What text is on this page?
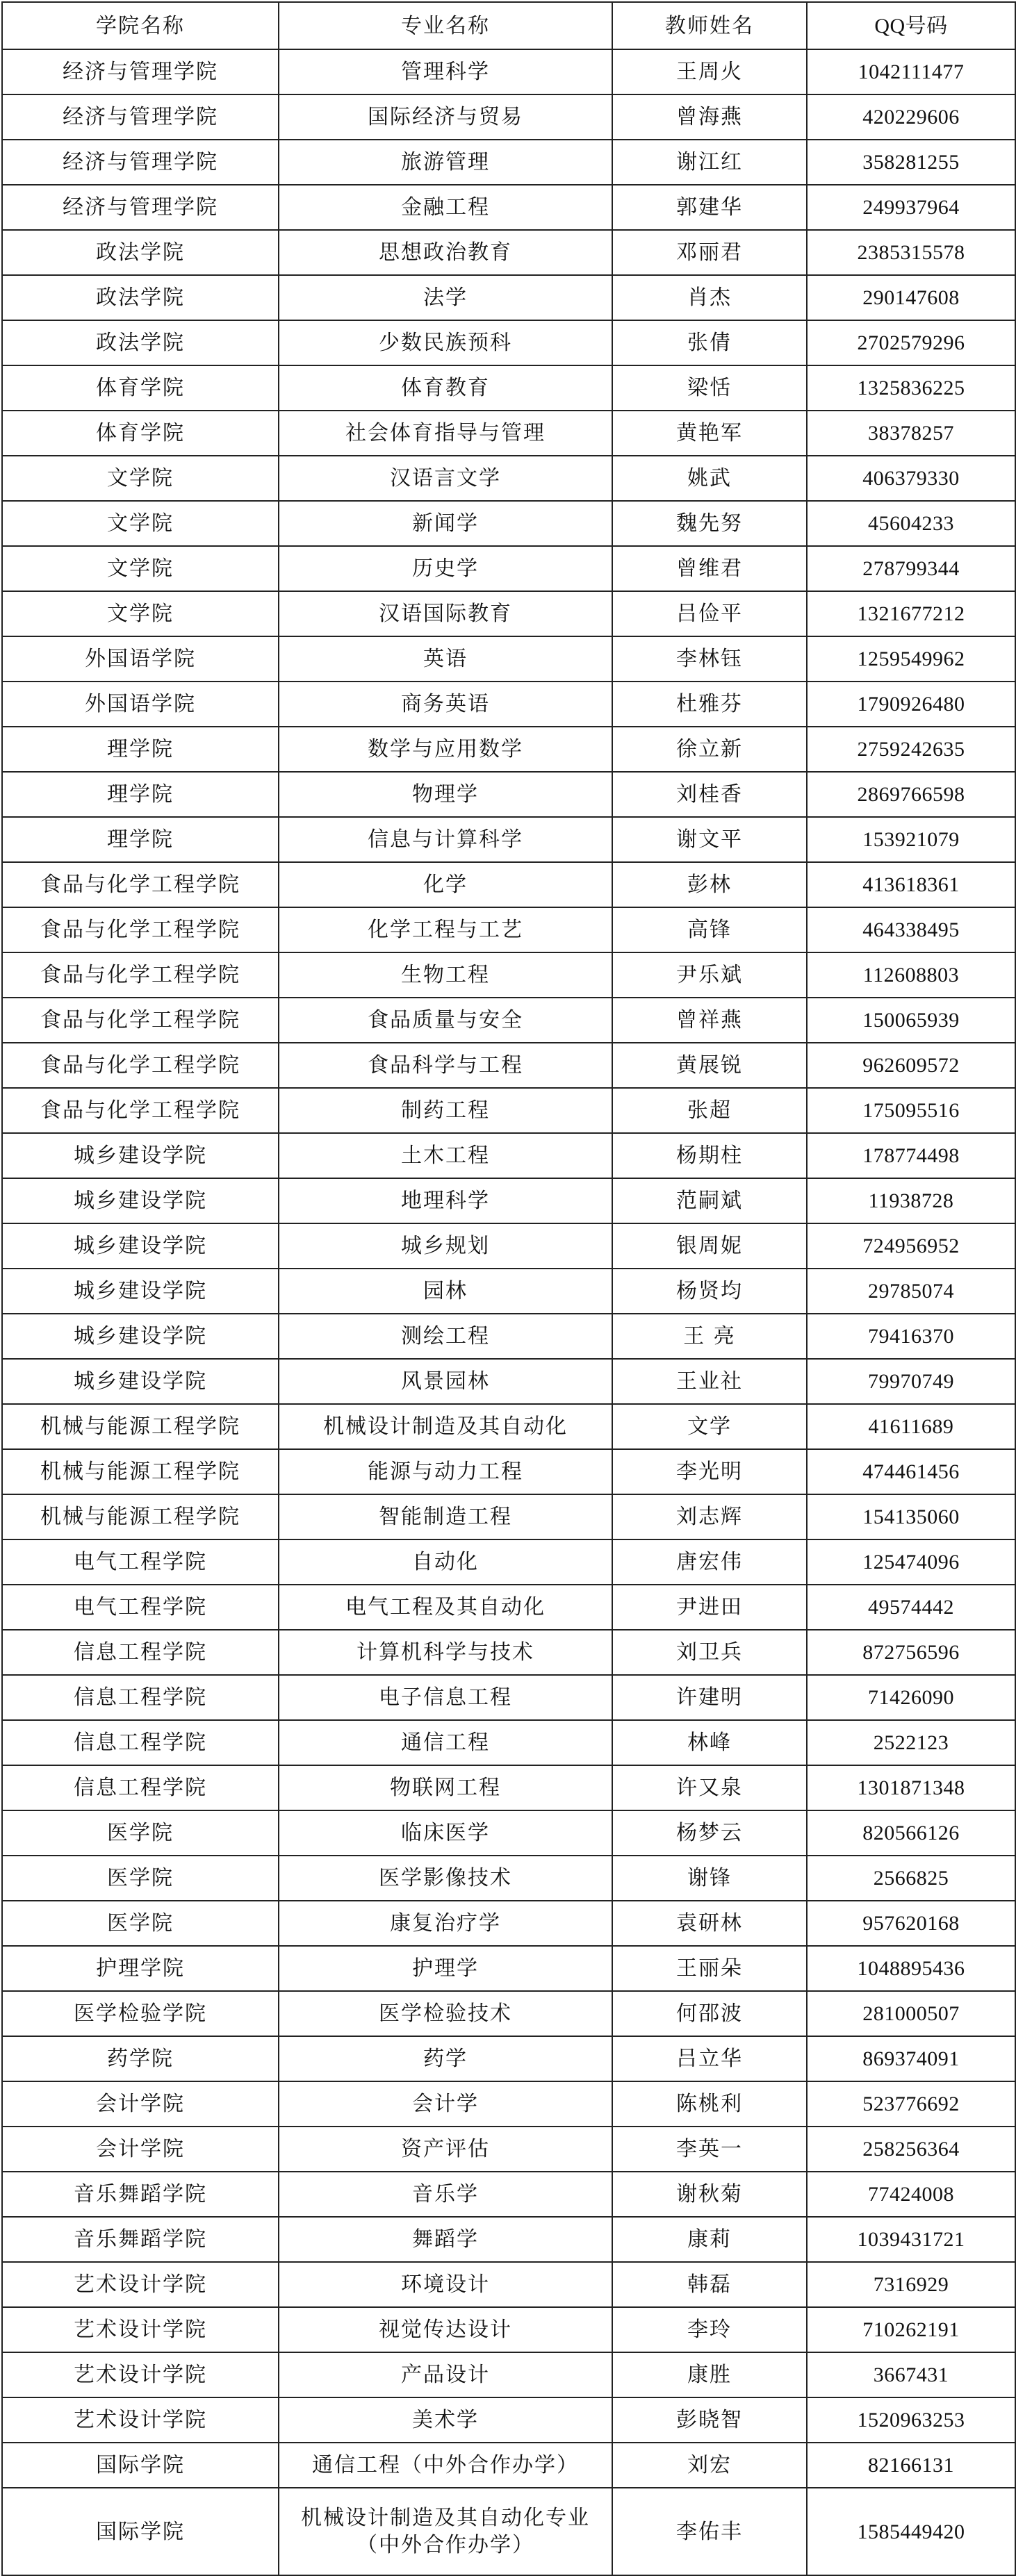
学院名称	专业名称	教师姓名	QQ号码
经济与管理学院	管理科学	王周火	1042111477
经济与管理学院	国际经济与贸易	曾海燕	420229606
经济与管理学院	旅游管理	谢江红	358281255
经济与管理学院	金融工程	郭建华	249937964
政法学院	思想政治教育	邓丽君	2385315578
政法学院	法学	肖杰	290147608
政法学院	少数民族预科	张倩	2702579296
体育学院	体育教育	梁恬	1325836225
体育学院	社会体育指导与管理	黄艳军	38378257
文学院	汉语言文学	姚武	406379330
文学院	新闻学	魏先努	45604233
文学院	历史学	曾维君	278799344
文学院	汉语国际教育	吕俭平	1321677212
外国语学院	英语	李林钰	1259549962
外国语学院	商务英语	杜雅芬	1790926480
理学院	数学与应用数学	徐立新	2759242635
理学院	物理学	刘桂香	2869766598
理学院	信息与计算科学	谢文平	153921079
食品与化学工程学院	化学	彭林	413618361
食品与化学工程学院	化学工程与工艺	高锋	464338495
食品与化学工程学院	生物工程	尹乐斌	112608803
食品与化学工程学院	食品质量与安全	曾祥燕	150065939
食品与化学工程学院	食品科学与工程	黄展锐	962609572
食品与化学工程学院	制药工程	张超	175095516
城乡建设学院	土木工程	杨期柱	178774498
城乡建设学院	地理科学	范嗣斌	11938728
城乡建设学院	城乡规划	银周妮	724956952
城乡建设学院	园林	杨贤均	29785074
城乡建设学院	测绘工程	王 亮	79416370
城乡建设学院	风景园林	王业社	79970749
机械与能源工程学院	机械设计制造及其自动化	文学	41611689
机械与能源工程学院	能源与动力工程	李光明	474461456
机械与能源工程学院	智能制造工程	刘志辉	154135060
电气工程学院	自动化	唐宏伟	125474096
电气工程学院	电气工程及其自动化	尹进田	49574442
信息工程学院	计算机科学与技术	刘卫兵	872756596
信息工程学院	电子信息工程	许建明	71426090
信息工程学院	通信工程	林峰	2522123
信息工程学院	物联网工程	许又泉	1301871348
医学院	临床医学	杨梦云	820566126
医学院	医学影像技术	谢锋	2566825
医学院	康复治疗学	袁研林	957620168
护理学院	护理学	王丽朵	1048895436
医学检验学院	医学检验技术	何邵波	281000507
药学院	药学	吕立华	869374091
会计学院	会计学	陈桃利	523776692
会计学院	资产评估	李英一	258256364
音乐舞蹈学院	音乐学	谢秋菊	77424008
音乐舞蹈学院	舞蹈学	康莉	1039431721
艺术设计学院	环境设计	韩磊	7316929
艺术设计学院	视觉传达设计	李玲	710262191
艺术设计学院	产品设计	康胜	3667431
艺术设计学院	美术学	彭晓智	1520963253
国际学院	通信工程（中外合作办学）	刘宏	82166131
国际学院	机械设计制造及其自动化专业（中外合作办学）	李佑丰	1585449420
